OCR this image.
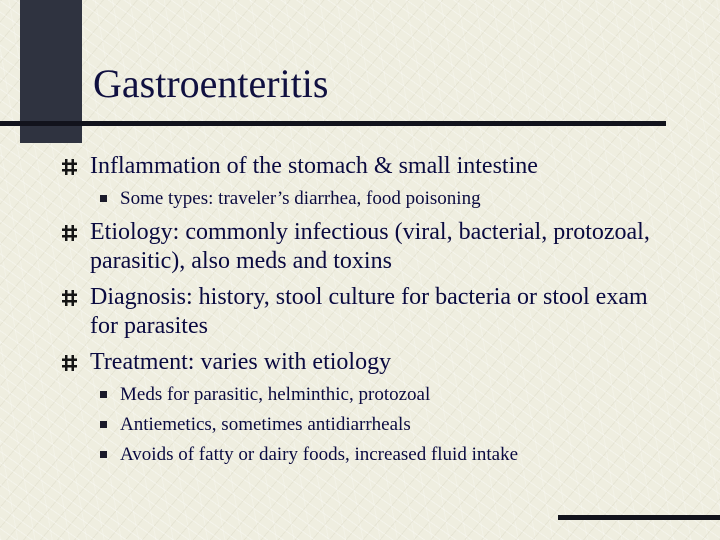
Gastroenteritis
Inflammation of the stomach & small intestine
Some types: traveler’s diarrhea, food poisoning
Etiology: commonly infectious (viral, bacterial, protozoal, parasitic), also meds and toxins
Diagnosis: history, stool culture for bacteria or stool exam for parasites
Treatment: varies with etiology
Meds for parasitic, helminthic, protozoal
Antiemetics, sometimes antidiarrheals
Avoids of fatty or dairy foods, increased fluid intake
